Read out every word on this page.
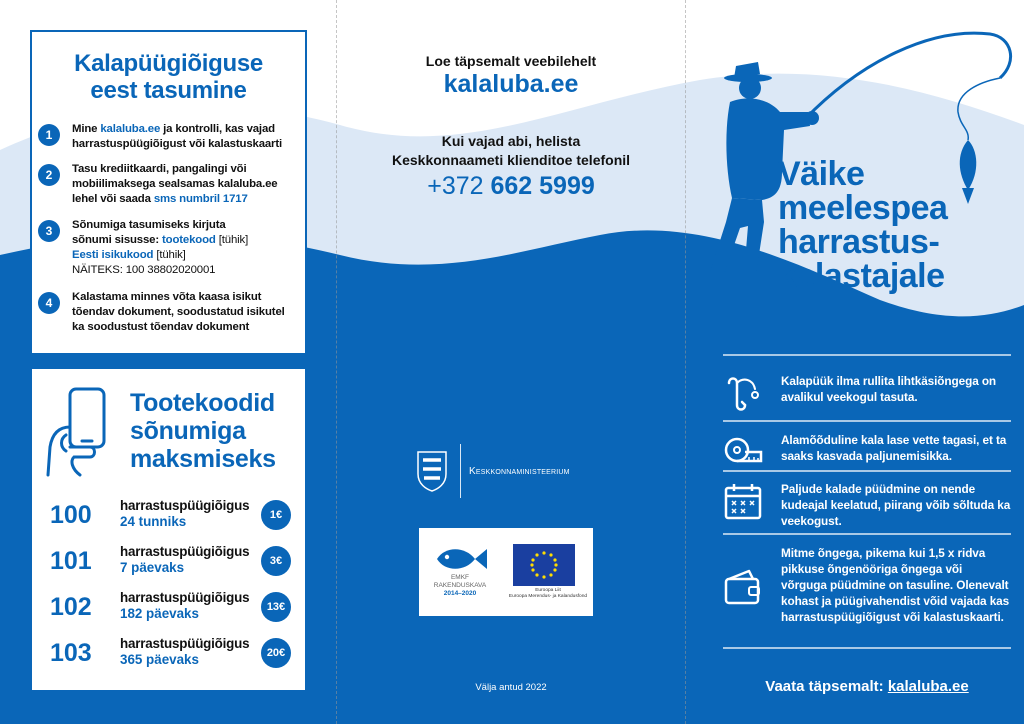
Kalapüügiõiguse
eest tasumine
1	Mine kalaluba.ee ja kontrolli, kas vajad harrastuspüügiõigust või kalastuskaarti
2	Tasu krediitkaardi, pangalingi või mobiilimaksega sealsamas kalaluba.ee lehel või saada sms numbril 1717
3	Sõnumiga tasumiseks kirjuta
sõnumi sisusse: tootekood [tühik]
Eesti isikukood [tühik]
NÄITEKS: 100 38802020001
4	Kalastama minnes võta kaasa isikut tõendav dokument, soodustatud isikutel ka soodustust tõendav dokument
Tootekoodid
sõnumiga
maksmiseks
100 harrastuspüügiõigus
24 tunniks	1€
101 harrastuspüügiõigus
7 päevaks	3€
102 harrastuspüügiõigus
182 päevaks	13€
103 harrastuspüügiõigus
365 päevaks	20€
Loe täpsemalt veebilehelt
kalaluba.ee
Kui vajad abi, helista
Keskkonnaameti klienditoe telefonil
+372 662 5999
Keskkonnaministeerium
EMKF
RAKENDUSKAVA
2014–2020	Euroopa Liit
Euroopa Merendus- ja Kalandusfond
Välja antud 2022
Väike
meelespea
harrastus-
kalastajale
Kalapüük ilma rullita lihtkäsiõngega on avalikul veekogul tasuta.
Alamõõduline kala lase vette tagasi, et ta saaks kasvada paljunemisikka.
Paljude kalade püüdmine on nende kudeajal keelatud, piirang võib sõltuda ka veekogust.
Mitme õngega, pikema kui 1,5 x ridva pikkuse õngenööriga õngega või võrguga püüdmine on tasuline. Olenevalt kohast ja püügivahendist võid vajada kas harrastuspüügiõigust või kalastuskaarti.
Vaata täpsemalt: kalaluba.ee
